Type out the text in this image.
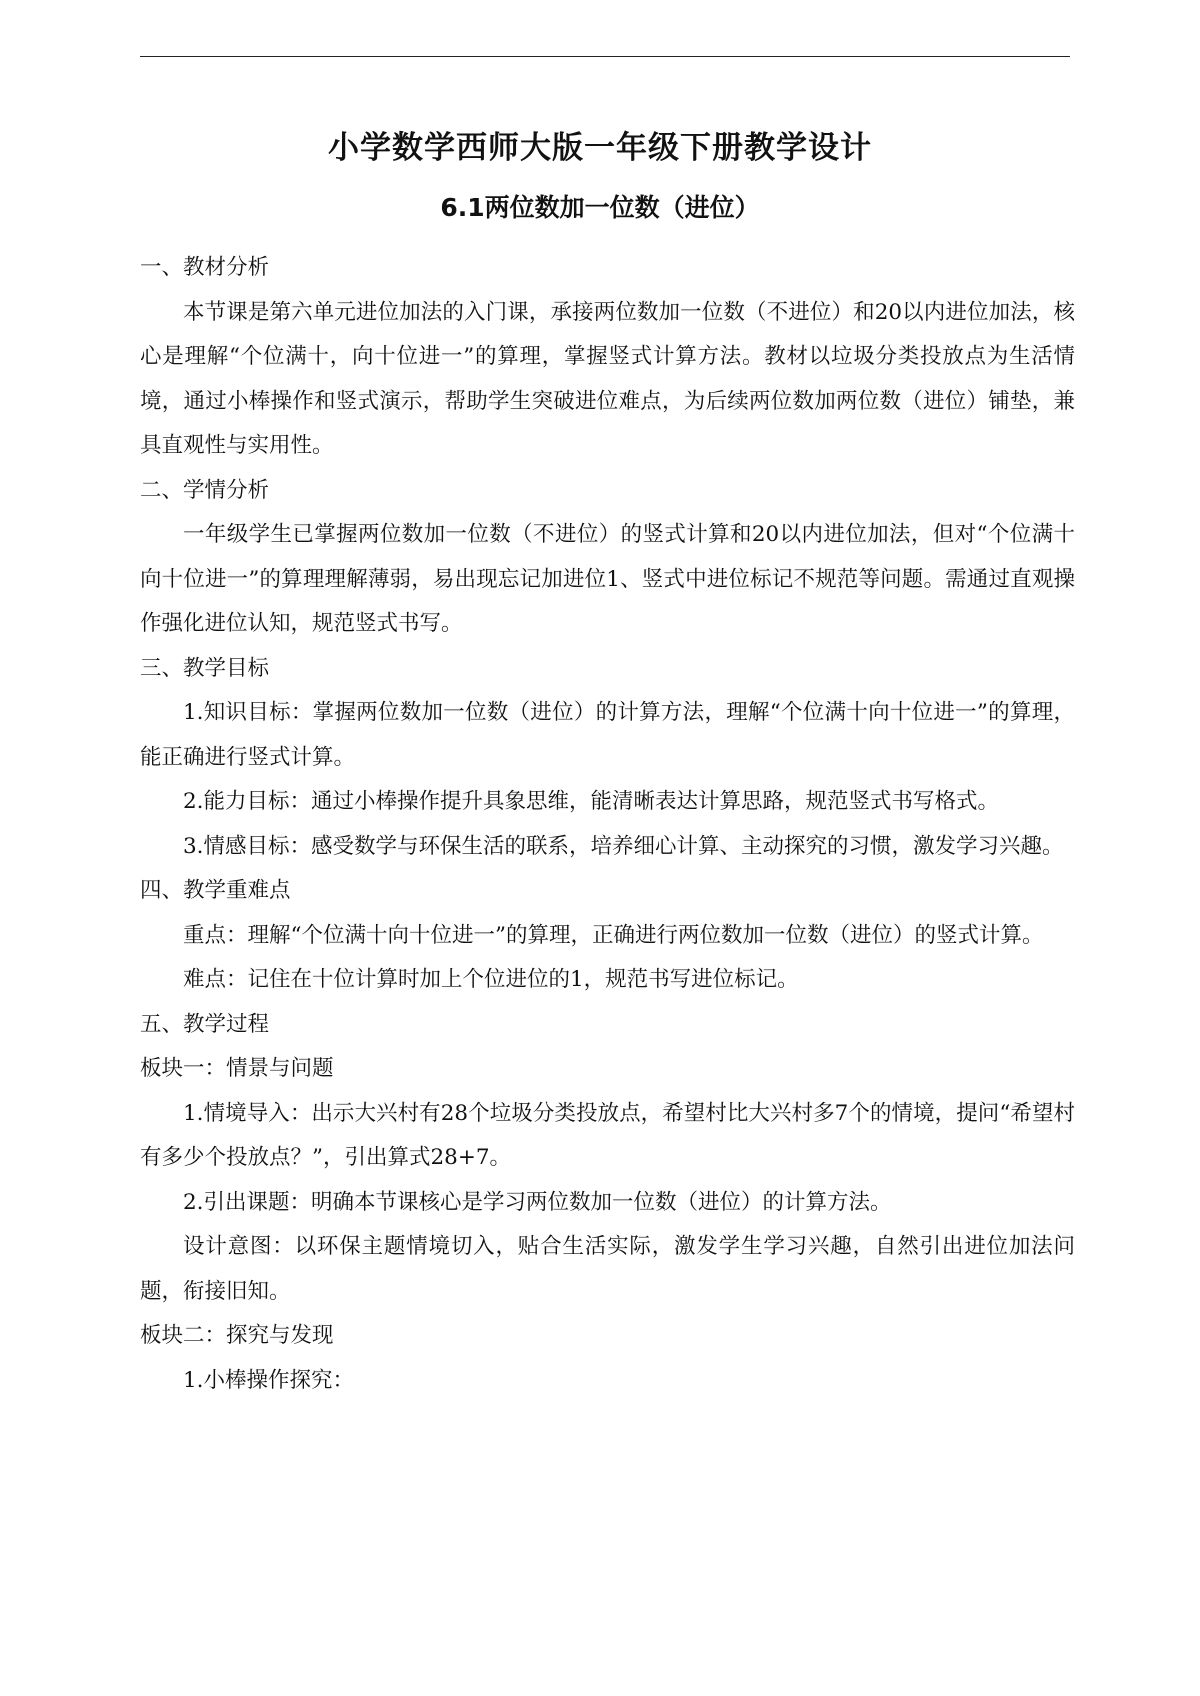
小学数学西师大版一年级下册教学设计
6.1两位数加一位数（进位）

一、教材分析

本节课是第六单元进位加法的入门课，承接两位数加一位数（不进位）和20以内进位加法，核心是理解“个位满十，向十位进一”的算理，掌握竖式计算方法。教材以垃圾分类投放点为生活情境，通过小棒操作和竖式演示，帮助学生突破进位难点，为后续两位数加两位数（进位）铺垫，兼具直观性与实用性。

二、学情分析

一年级学生已掌握两位数加一位数（不进位）的竖式计算和20以内进位加法，但对“个位满十向十位进一”的算理理解薄弱，易出现忘记加进位1、竖式中进位标记不规范等问题。需通过直观操作强化进位认知，规范竖式书写。

三、教学目标

1.知识目标：掌握两位数加一位数（进位）的计算方法，理解“个位满十向十位进一”的算理，能正确进行竖式计算。

2.能力目标：通过小棒操作提升具象思维，能清晰表达计算思路，规范竖式书写格式。

3.情感目标：感受数学与环保生活的联系，培养细心计算、主动探究的习惯，激发学习兴趣。

四、教学重难点

重点：理解“个位满十向十位进一”的算理，正确进行两位数加一位数（进位）的竖式计算。

难点：记住在十位计算时加上个位进位的1，规范书写进位标记。

五、教学过程

板块一：情景与问题

1.情境导入：出示大兴村有28个垃圾分类投放点，希望村比大兴村多7个的情境，提问“希望村有多少个投放点？”，引出算式28+7。

2.引出课题：明确本节课核心是学习两位数加一位数（进位）的计算方法。

设计意图：以环保主题情境切入，贴合生活实际，激发学生学习兴趣，自然引出进位加法问题，衔接旧知。

板块二：探究与发现

1.小棒操作探究：
